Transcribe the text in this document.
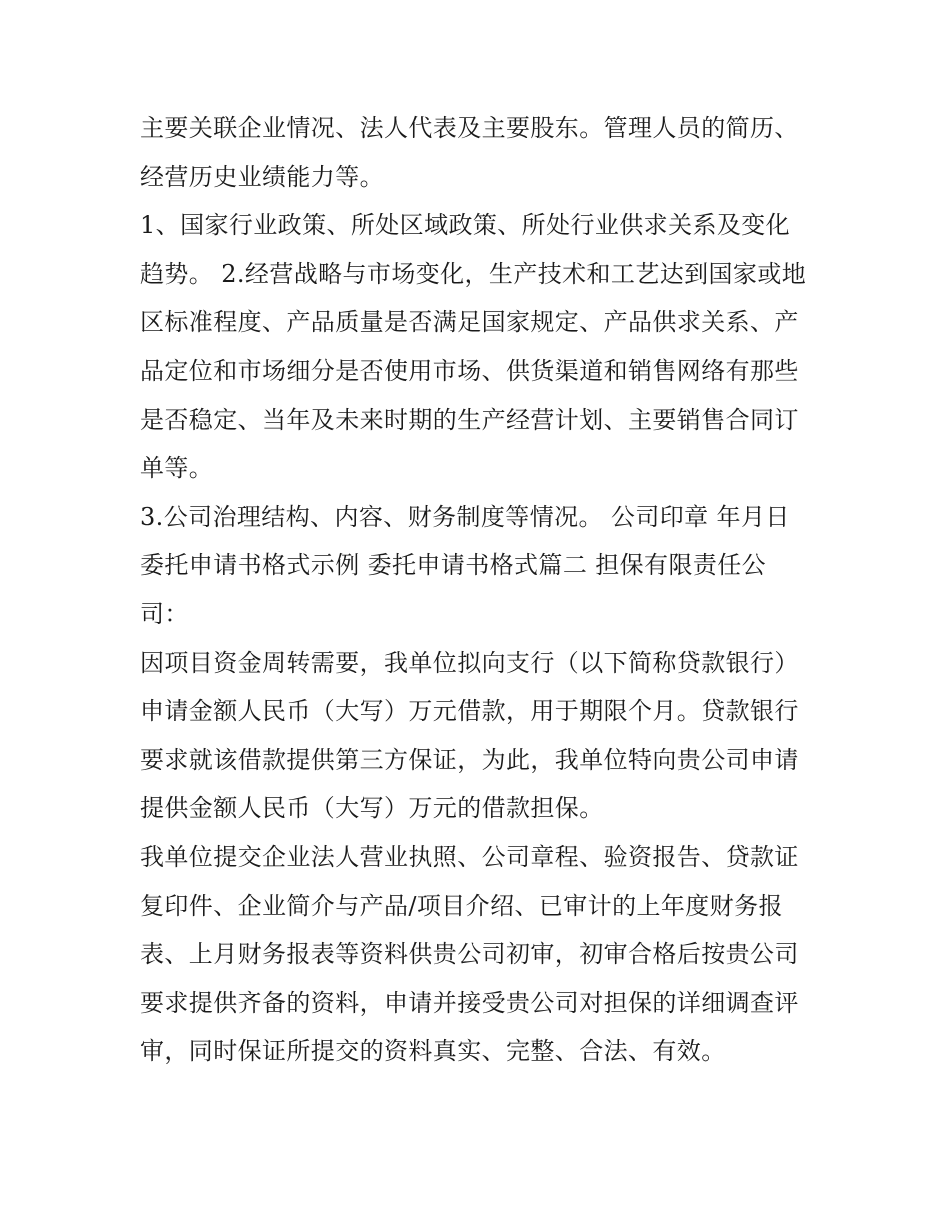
主要关联企业情况、法人代表及主要股东。管理人员的简历、
经营历史业绩能力等。
1、国家行业政策、所处区域政策、所处行业供求关系及变化
趋势。 2.经营战略与市场变化，生产技术和工艺达到国家或地
区标准程度、产品质量是否满足国家规定、产品供求关系、产
品定位和市场细分是否使用市场、供货渠道和销售网络有那些
是否稳定、当年及未来时期的生产经营计划、主要销售合同订
单等。
3.公司治理结构、内容、财务制度等情况。 公司印章 年月日
委托申请书格式示例 委托申请书格式篇二 担保有限责任公
司：
因项目资金周转需要，我单位拟向支行（以下简称贷款银行）
申请金额人民币（大写）万元借款，用于期限个月。贷款银行
要求就该借款提供第三方保证，为此，我单位特向贵公司申请
提供金额人民币（大写）万元的借款担保。
我单位提交企业法人营业执照、公司章程、验资报告、贷款证
复印件、企业简介与产品/项目介绍、已审计的上年度财务报
表、上月财务报表等资料供贵公司初审，初审合格后按贵公司
要求提供齐备的资料，申请并接受贵公司对担保的详细调查评
审，同时保证所提交的资料真实、完整、合法、有效。
